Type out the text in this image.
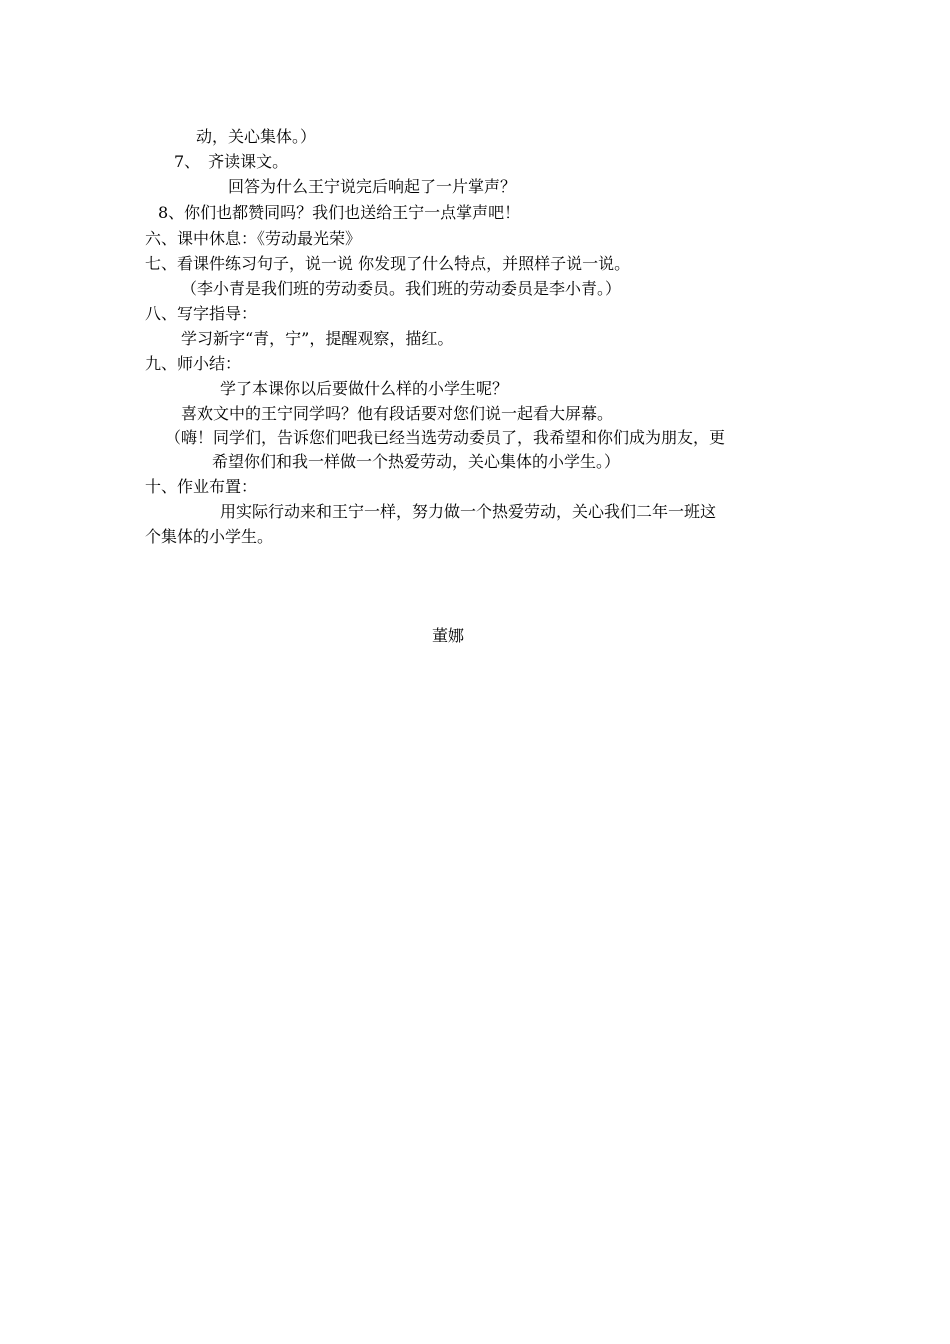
动，关心集体。）
7、　齐读课文。
回答为什么王宁说完后响起了一片掌声？
8、你们也都赞同吗？我们也送给王宁一点掌声吧！
六、课中休息：《劳动最光荣》
七、看课件练习句子，说一说 你发现了什么特点，并照样子说一说。
（李小青是我们班的劳动委员。我们班的劳动委员是李小青。）
八、写字指导：
学习新字“青，宁”，提醒观察，描红。
九、师小结：
学了本课你以后要做什么样的小学生呢？
喜欢文中的王宁同学吗？他有段话要对您们说一起看大屏幕。
（嗨！同学们，告诉您们吧我已经当选劳动委员了，我希望和你们成为朋友，更
希望你们和我一样做一个热爱劳动，关心集体的小学生。）
十、作业布置：
用实际行动来和王宁一样，努力做一个热爱劳动，关心我们二年一班这
个集体的小学生。
董娜
